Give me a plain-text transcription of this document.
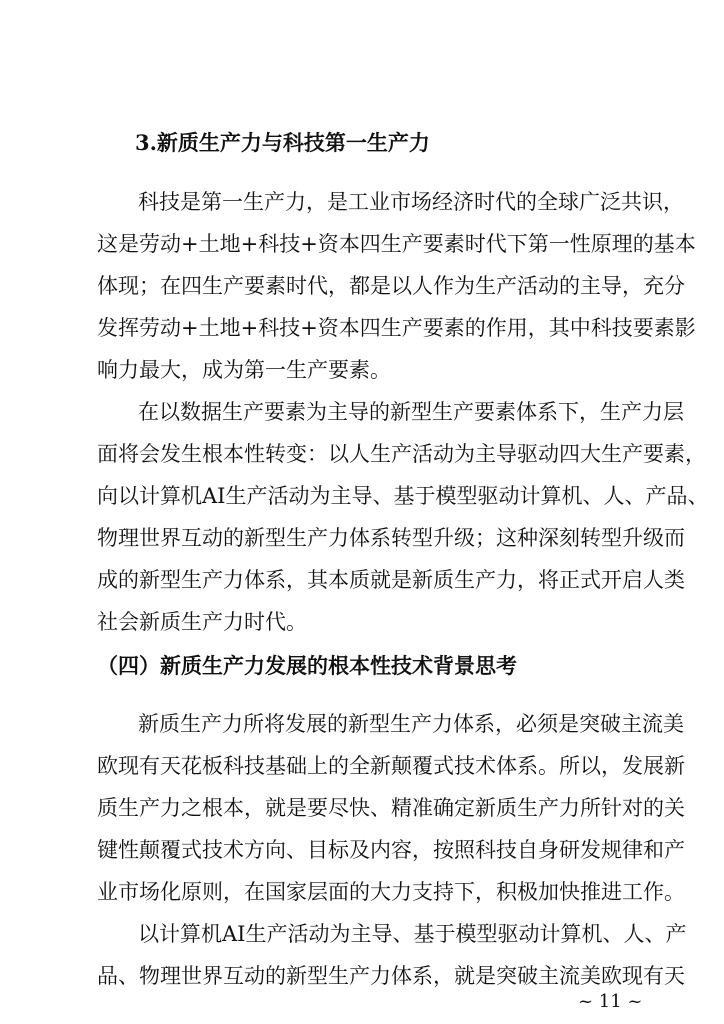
3.新质生产力与科技第一生产力
科技是第一生产力，是工业市场经济时代的全球广泛共识，
这是劳动+土地+科技+资本四生产要素时代下第一性原理的基本
体现；在四生产要素时代，都是以人作为生产活动的主导，充分
发挥劳动+土地+科技+资本四生产要素的作用，其中科技要素影
响力最大，成为第一生产要素。
在以数据生产要素为主导的新型生产要素体系下，生产力层
面将会发生根本性转变：以人生产活动为主导驱动四大生产要素，
向以计算机AI生产活动为主导、基于模型驱动计算机、人、产品、
物理世界互动的新型生产力体系转型升级；这种深刻转型升级而
成的新型生产力体系，其本质就是新质生产力，将正式开启人类
社会新质生产力时代。
（四）新质生产力发展的根本性技术背景思考
新质生产力所将发展的新型生产力体系，必须是突破主流美
欧现有天花板科技基础上的全新颠覆式技术体系。所以，发展新
质生产力之根本，就是要尽快、精准确定新质生产力所针对的关
键性颠覆式技术方向、目标及内容，按照科技自身研发规律和产
业市场化原则，在国家层面的大力支持下，积极加快推进工作。
以计算机AI生产活动为主导、基于模型驱动计算机、人、产
品、物理世界互动的新型生产力体系，就是突破主流美欧现有天
~ 11 ~
